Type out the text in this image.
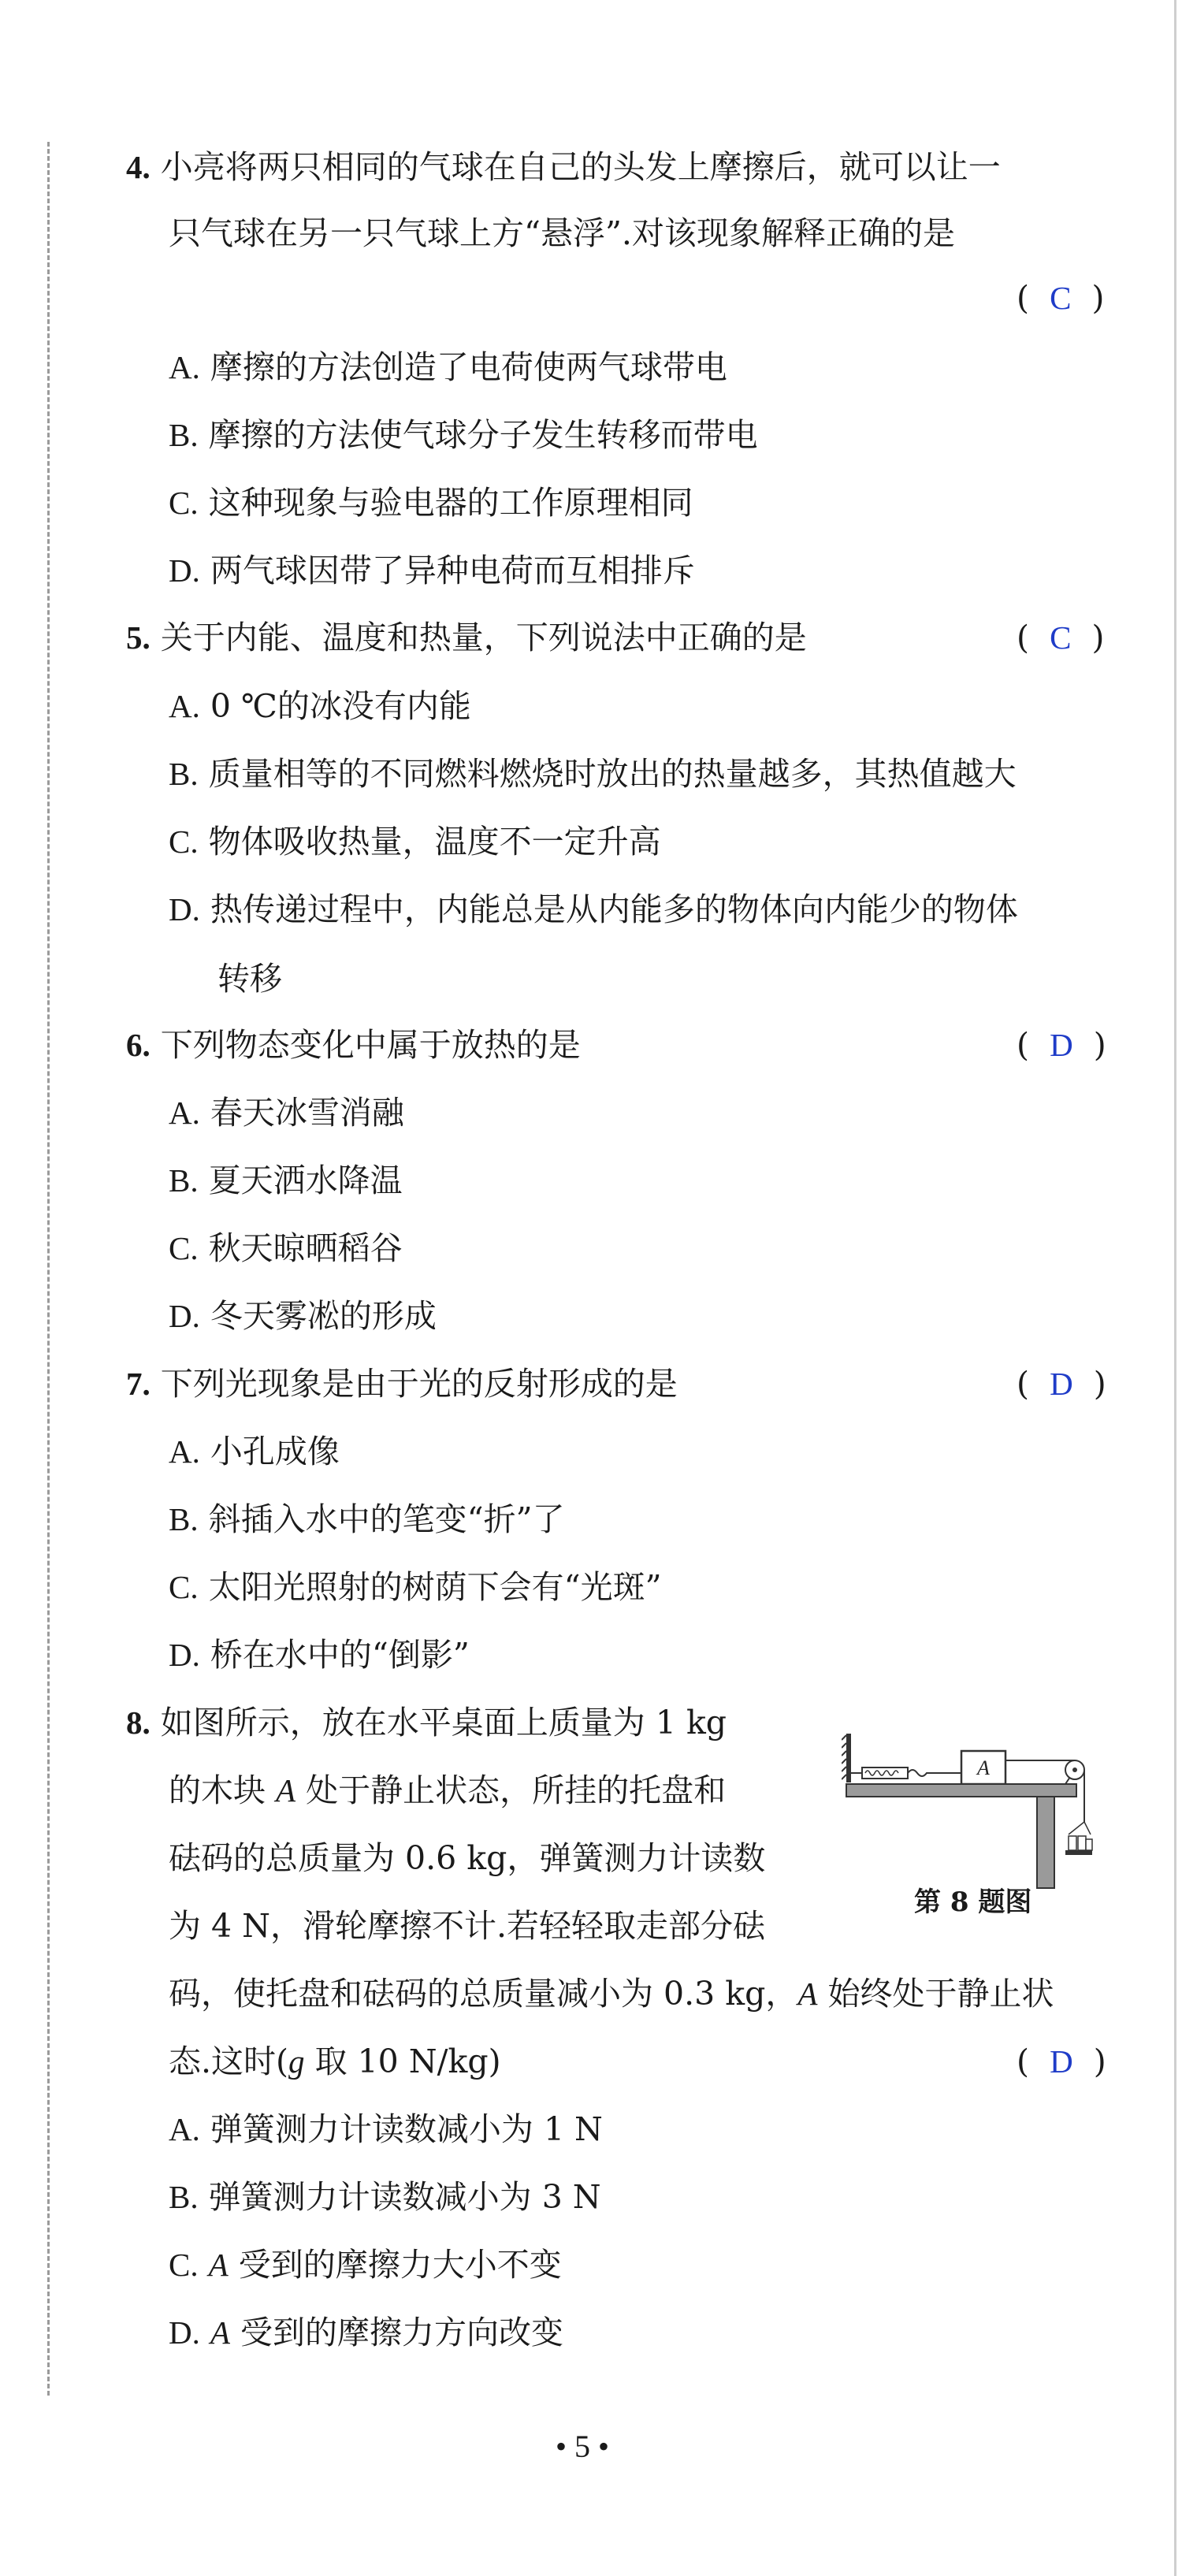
4. 小亮将两只相同的气球在自己的头发上摩擦后，就可以让一
只气球在另一只气球上方“悬浮”.对该现象解释正确的是
(  C  )
A. 摩擦的方法创造了电荷使两气球带电
B. 摩擦的方法使气球分子发生转移而带电
C. 这种现象与验电器的工作原理相同
D. 两气球因带了异种电荷而互相排斥
5. 关于内能、温度和热量，下列说法中正确的是	(  C  )
A. 0 ℃的冰没有内能
B. 质量相等的不同燃料燃烧时放出的热量越多，其热值越大
C. 物体吸收热量，温度不一定升高
D. 热传递过程中，内能总是从内能多的物体向内能少的物体
转移
6. 下列物态变化中属于放热的是	(  D  )
A. 春天冰雪消融
B. 夏天洒水降温
C. 秋天晾晒稻谷
D. 冬天雾凇的形成
7. 下列光现象是由于光的反射形成的是	(  D  )
A. 小孔成像
B. 斜插入水中的笔变“折”了
C. 太阳光照射的树荫下会有“光斑”
D. 桥在水中的“倒影”
8. 如图所示，放在水平桌面上质量为 1 kg
的木块 A 处于静止状态，所挂的托盘和
砝码的总质量为 0.6 kg，弹簧测力计读数
为 4 N，滑轮摩擦不计.若轻轻取走部分砝
码，使托盘和砝码的总质量减小为 0.3 kg，A 始终处于静止状
态.这时(g 取 10 N/kg)	(  D  )
A. 弹簧测力计读数减小为 1 N
B. 弹簧测力计读数减小为 3 N
C. A 受到的摩擦力大小不变
D. A 受到的摩擦力方向改变
A
第 8 题图
• 5 •
